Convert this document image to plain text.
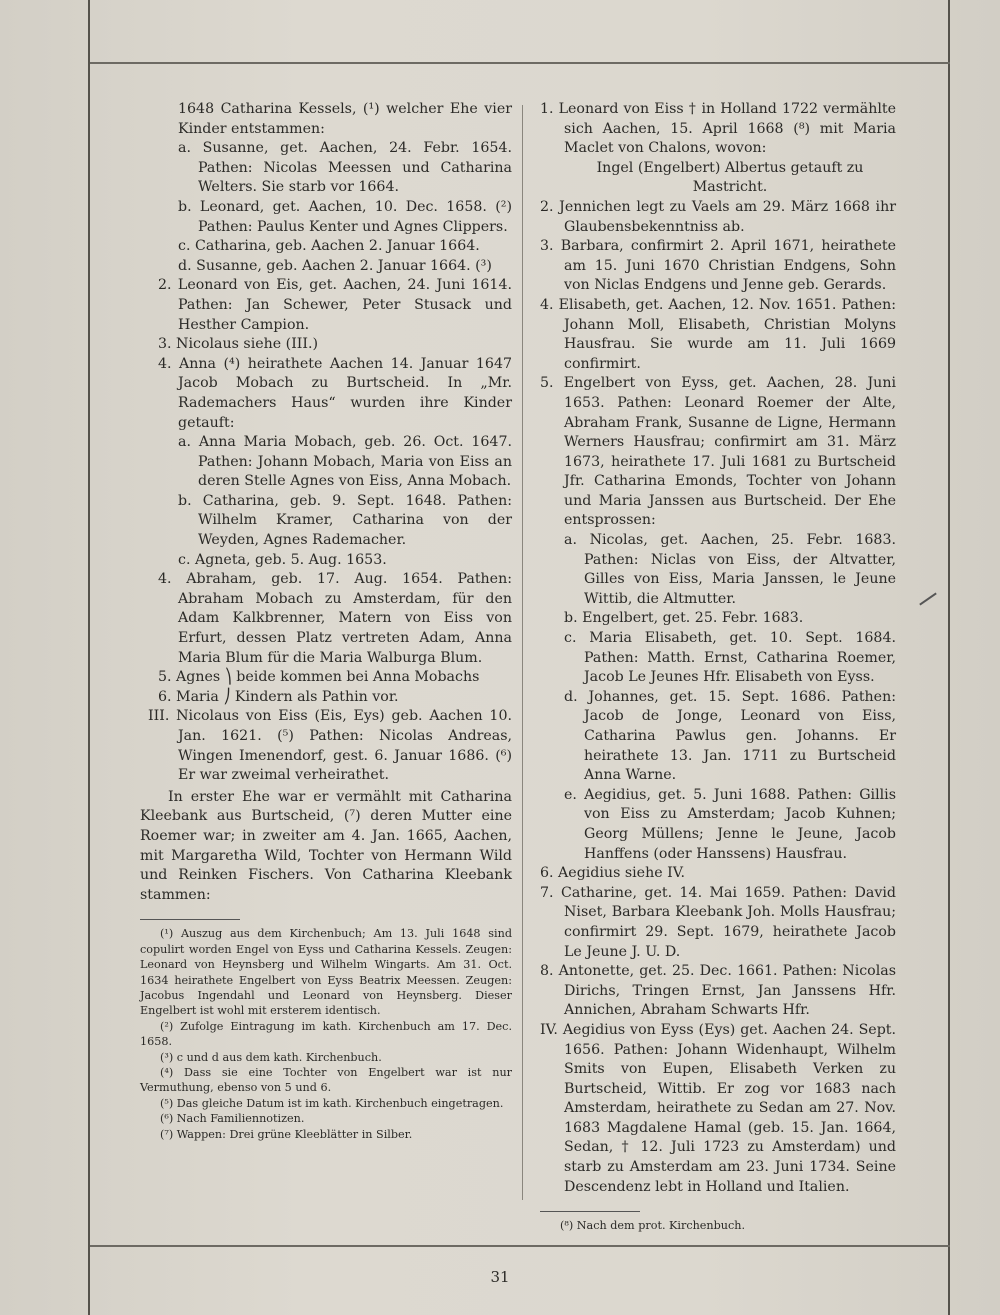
1648 Catharina Kessels, (¹) welcher Ehe vier Kinder entstammen:

a. Susanne, get. Aachen, 24. Febr. 1654. Pathen: Nicolas Meessen und Catharina Welters. Sie starb vor 1664.

b. Leonard, get. Aachen, 10. Dec. 1658. (²) Pathen: Paulus Kenter und Agnes Clippers.

c. Catharina, geb. Aachen 2. Januar 1664.

d. Susanne, geb. Aachen 2. Januar 1664. (³)

2. Leonard von Eis, get. Aachen, 24. Juni 1614. Pathen: Jan Schewer, Peter Stusack und Hesther Campion.

3. Nicolaus siehe (III.)

4. Anna (⁴) heirathete Aachen 14. Januar 1647 Jacob Mobach zu Burtscheid. In „Mr. Rademachers Haus“ wurden ihre Kinder getauft:

a. Anna Maria Mobach, geb. 26. Oct. 1647. Pathen: Johann Mobach, Maria von Eiss an deren Stelle Agnes von Eiss, Anna Mobach.

b. Catharina, geb. 9. Sept. 1648. Pathen: Wilhelm Kramer, Catharina von der Weyden, Agnes Rademacher.

c. Agneta, geb. 5. Aug. 1653.

4. Abraham, geb. 17. Aug. 1654. Pathen: Abraham Mobach zu Amsterdam, für den Adam Kalkbrenner, Matern von Eiss von Erfurt, dessen Platz vertreten Adam, Anna Maria Blum für die Maria Walburga Blum.

5. Agnes ⎞ beide kommen bei Anna Mobachs

6. Maria ⎠ Kindern als Pathin vor.

III. Nicolaus von Eiss (Eis, Eys) geb. Aachen 10. Jan. 1621. (⁵) Pathen: Nicolas Andreas, Wingen Imenendorf, gest. 6. Januar 1686. (⁶) Er war zweimal verheirathet.

In erster Ehe war er vermählt mit Catharina Kleebank aus Burtscheid, (⁷) deren Mutter eine Roemer war; in zweiter am 4. Jan. 1665, Aachen, mit Margaretha Wild, Tochter von Hermann Wild und Reinken Fischers. Von Catharina Kleebank stammen:

(¹) Auszug aus dem Kirchenbuch; Am 13. Juli 1648 sind copulirt worden Engel von Eyss und Catharina Kessels. Zeugen: Leonard von Heynsberg und Wilhelm Wingarts. Am 31. Oct. 1634 heirathete Engelbert von Eyss Beatrix Meessen. Zeugen: Jacobus Ingendahl und Leonard von Heynsberg. Dieser Engelbert ist wohl mit ersterem identisch.

(²) Zufolge Eintragung im kath. Kirchenbuch am 17. Dec. 1658.

(³) c und d aus dem kath. Kirchenbuch.

(⁴) Dass sie eine Tochter von Engelbert war ist nur Vermuthung, ebenso von 5 und 6.

(⁵) Das gleiche Datum ist im kath. Kirchenbuch eingetragen.

(⁶) Nach Familiennotizen.

(⁷) Wappen: Drei grüne Kleeblätter in Silber.

1. Leonard von Eiss † in Holland 1722 vermählte sich Aachen, 15. April 1668 (⁸) mit Maria Maclet von Chalons, wovon:

Ingel (Engelbert) Albertus getauft zu Mastricht.

2. Jennichen legt zu Vaels am 29. März 1668 ihr Glaubensbekenntniss ab.

3. Barbara, confirmirt 2. April 1671, heirathete am 15. Juni 1670 Christian Endgens, Sohn von Niclas Endgens und Jenne geb. Gerards.

4. Elisabeth, get. Aachen, 12. Nov. 1651. Pathen: Johann Moll, Elisabeth, Christian Molyns Hausfrau. Sie wurde am 11. Juli 1669 confirmirt.

5. Engelbert von Eyss, get. Aachen, 28. Juni 1653. Pathen: Leonard Roemer der Alte, Abraham Frank, Susanne de Ligne, Hermann Werners Hausfrau; confirmirt am 31. März 1673, heirathete 17. Juli 1681 zu Burtscheid Jfr. Catharina Emonds, Tochter von Johann und Maria Janssen aus Burtscheid. Der Ehe entsprossen:

a. Nicolas, get. Aachen, 25. Febr. 1683. Pathen: Niclas von Eiss, der Altvatter, Gilles von Eiss, Maria Janssen, le Jeune Wittib, die Altmutter.

b. Engelbert, get. 25. Febr. 1683.

c. Maria Elisabeth, get. 10. Sept. 1684. Pathen: Matth. Ernst, Catharina Roemer, Jacob Le Jeunes Hfr. Elisabeth von Eyss.

d. Johannes, get. 15. Sept. 1686. Pathen: Jacob de Jonge, Leonard von Eiss, Catharina Pawlus gen. Johanns. Er heirathete 13. Jan. 1711 zu Burtscheid Anna Warne.

e. Aegidius, get. 5. Juni 1688. Pathen: Gillis von Eiss zu Amsterdam; Jacob Kuhnen; Georg Müllens; Jenne le Jeune, Jacob Hanffens (oder Hanssens) Hausfrau.

6. Aegidius siehe IV.

7. Catharine, get. 14. Mai 1659. Pathen: David Niset, Barbara Kleebank Joh. Molls Hausfrau; confirmirt 29. Sept. 1679, heirathete Jacob Le Jeune J. U. D.

8. Antonette, get. 25. Dec. 1661. Pathen: Nicolas Dirichs, Tringen Ernst, Jan Janssens Hfr. Annichen, Abraham Schwarts Hfr.

IV. Aegidius von Eyss (Eys) get. Aachen 24. Sept. 1656. Pathen: Johann Widenhaupt, Wilhelm Smits von Eupen, Elisabeth Verken zu Burtscheid, Wittib. Er zog vor 1683 nach Amsterdam, heirathete zu Sedan am 27. Nov. 1683 Magdalene Hamal (geb. 15. Jan. 1664, Sedan, † 12. Juli 1723 zu Amsterdam) und starb zu Amsterdam am 23. Juni 1734. Seine Descendenz lebt in Holland und Italien.

(⁸) Nach dem prot. Kirchenbuch.

31
